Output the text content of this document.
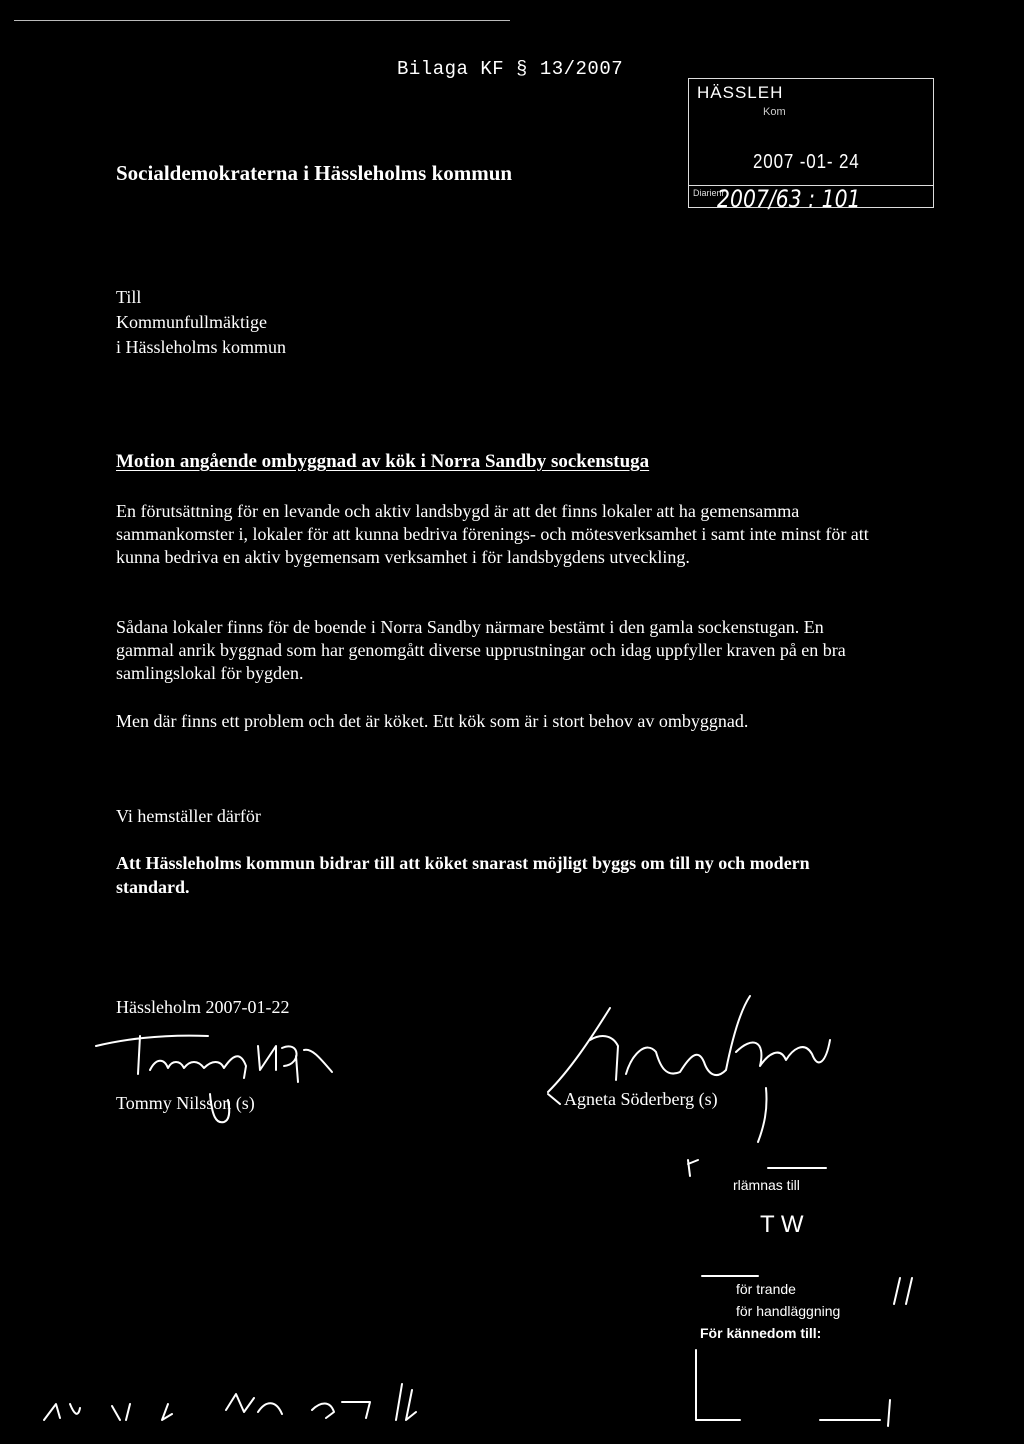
Bilaga KF § 13/2007
Socialdemokraterna i Hässleholms kommun
HÄSSLEH
Kom
2007 -01- 24
Diarienr
2007/63 : 101
Till
Kommunfullmäktige
i Hässleholms kommun
Motion angående ombyggnad av kök i Norra Sandby sockenstuga
En förutsättning för en levande och aktiv landsbygd är att det finns lokaler att ha gemensamma sammankomster i, lokaler för att kunna bedriva förenings- och mötesverksamhet i samt inte minst för att kunna bedriva en aktiv bygemensam verksamhet i för landsbygdens utveckling.
Sådana lokaler finns för de boende i Norra Sandby närmare bestämt i den gamla sockenstugan. En gammal anrik byggnad som har genomgått diverse upprustningar och idag uppfyller kraven på en bra samlingslokal för bygden.
Men där finns ett problem och det är köket. Ett kök som är i stort behov av ombyggnad.
Vi hemställer därför
Att Hässleholms kommun bidrar till att köket snarast möjligt byggs om till ny och modern standard.
Hässleholm 2007-01-22
Tommy Nilsson (s)	Agneta Söderberg (s)
rlämnas till
T W
för trande
för handläggning
För kännedom till:
